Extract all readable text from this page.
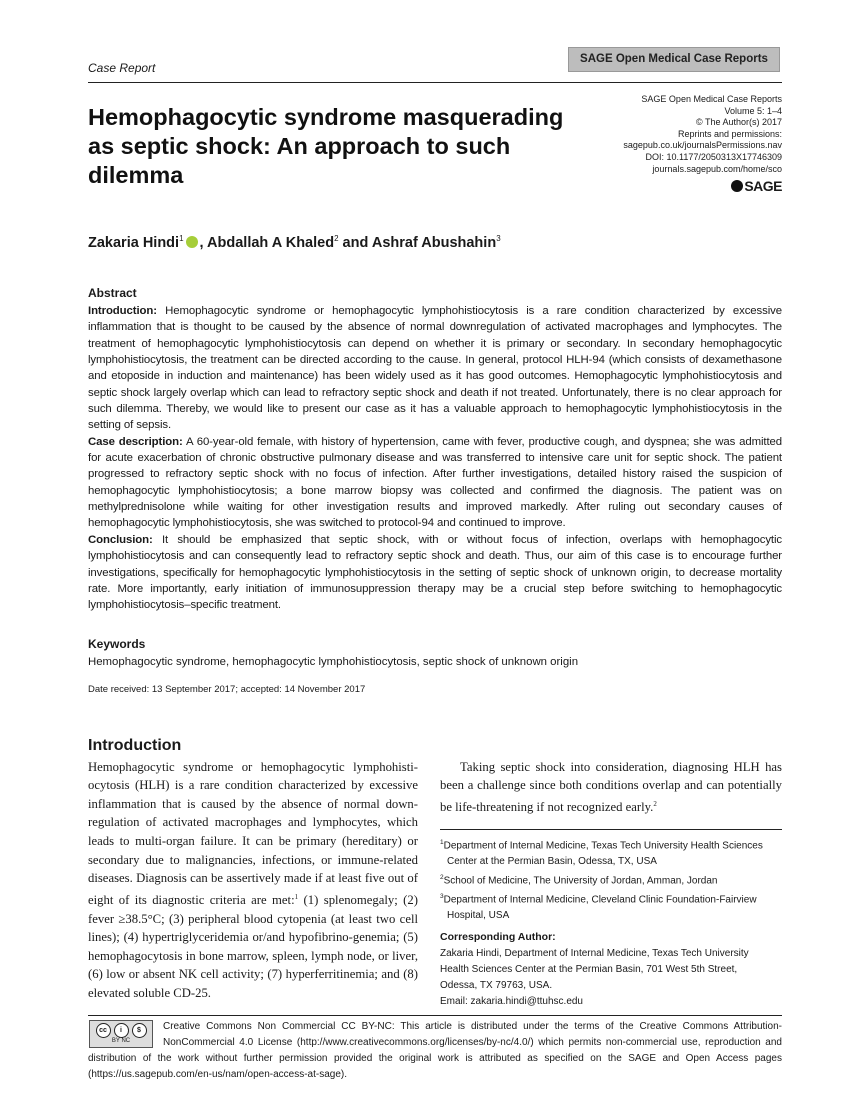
Case Report
SAGE Open Medical Case Reports
Hemophagocytic syndrome masquerading as septic shock: An approach to such dilemma
SAGE Open Medical Case Reports
Volume 5: 1–4
© The Author(s) 2017
Reprints and permissions:
sagepub.co.uk/journalsPermissions.nav
DOI: 10.1177/2050313X17746309
journals.sagepub.com/home/sco
SAGE
Zakaria Hindi$^1$ , Abdallah A Khaled$^2$ and Ashraf Abushahin$^3$
Abstract

Introduction: Hemophagocytic syndrome or hemophagocytic lymphohistiocytosis is a rare condition characterized by excessive inflammation that is thought to be caused by the absence of normal downregulation of activated macrophages and lymphocytes. The treatment of hemophagocytic lymphohistiocytosis can depend on whether it is primary or secondary. In secondary hemophagocytic lymphohistiocytosis, the treatment can be directed according to the cause. In general, protocol HLH-94 (which consists of dexamethasone and etoposide in induction and maintenance) has been widely used as it has good outcomes. Hemophagocytic lymphohistiocytosis and septic shock largely overlap which can lead to refractory septic shock and death if not treated. Unfortunately, there is no clear approach for such dilemma. Thereby, we would like to present our case as it has a valuable approach to hemophagocytic lymphohistiocytosis in the setting of sepsis.

Case description: A 60-year-old female, with history of hypertension, came with fever, productive cough, and dyspnea; she was admitted for acute exacerbation of chronic obstructive pulmonary disease and was transferred to intensive care unit for septic shock. The patient progressed to refractory septic shock with no focus of infection. After further investigations, detailed history raised the suspicion of hemophagocytic lymphohistiocytosis; a bone marrow biopsy was collected and confirmed the diagnosis. The patient was on methylprednisolone while waiting for other investigation results and improved markedly. After ruling out secondary causes of hemophagocytic lymphohistiocytosis, she was switched to protocol-94 and continued to improve.

Conclusion: It should be emphasized that septic shock, with or without focus of infection, overlaps with hemophagocytic lymphohistiocytosis and can consequently lead to refractory septic shock and death. Thus, our aim of this case is to encourage further investigations, specifically for hemophagocytic lymphohistiocytosis in the setting of septic shock of unknown origin, to decrease mortality rate. More importantly, early initiation of immunosuppression therapy may be a crucial step before switching to hemophagocytic lymphohistiocytosis–specific treatment.

Keywords
Hemophagocytic syndrome, hemophagocytic lymphohistiocytosis, septic shock of unknown origin
Date received: 13 September 2017; accepted: 14 November 2017
Introduction

Hemophagocytic syndrome or hemophagocytic lymphohisti-ocytosis (HLH) is a rare condition characterized by excessive inflammation that is caused by the absence of normal down-regulation of activated macrophages and lymphocytes, which leads to multi-organ failure. It can be primary (hereditary) or secondary due to malignancies, infections, or immune-related diseases. Diagnosis can be assertively made if at least five out of eight of its diagnostic criteria are met:$^1$ (1) splenomegaly; (2) fever ≥38.5°C; (3) peripheral blood cytopenia (at least two cell lines); (4) hypertriglyceridemia or/and hypofibrino-genemia; (5) hemophagocytosis in bone marrow, spleen, lymph node, or liver, (6) low or absent NK cell activity; (7) hyperferritinemia; and (8) elevated soluble CD-25.

Taking septic shock into consideration, diagnosing HLH has been a challenge since both conditions overlap and can potentially be life-threatening if not recognized early.$^2$

$^1$Department of Internal Medicine, Texas Tech University Health Sciences Center at the Permian Basin, Odessa, TX, USA
$^2$School of Medicine, The University of Jordan, Amman, Jordan
$^3$Department of Internal Medicine, Cleveland Clinic Foundation-Fairview Hospital, USA
Corresponding Author:
Zakaria Hindi, Department of Internal Medicine, Texas Tech University
Health Sciences Center at the Permian Basin, 701 West 5th Street,
Odessa, TX 79763, USA.
Email: zakaria.hindi@ttuhsc.edu
cc	i	$
BY NC
Creative Commons Non Commercial CC BY-NC: This article is distributed under the terms of the Creative Commons Attribution-NonCommercial 4.0 License (http://www.creativecommons.org/licenses/by-nc/4.0/) which permits non-commercial use, reproduction and distribution of the work without further permission provided the original work is attributed as specified on the SAGE and Open Access pages (https://us.sagepub.com/en-us/nam/open-access-at-sage).
